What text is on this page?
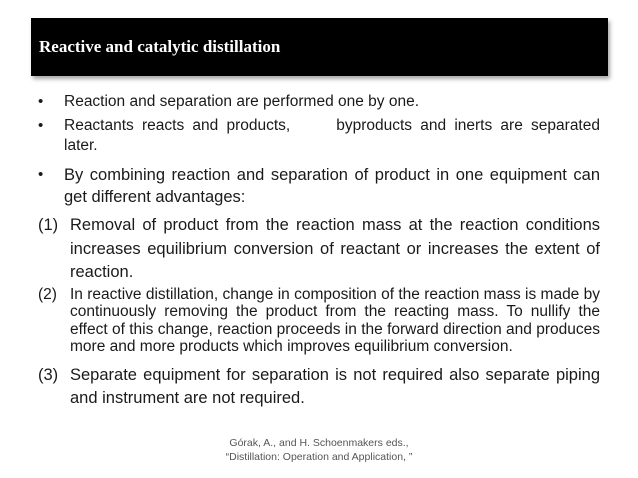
Reactive and catalytic distillation
•	Reaction and separation are performed one by one.
•	Reactants reacts and products,	byproducts and inerts are separated later.
•	By combining reaction and separation of product in one equipment can get different advantages:
(1) Removal of product from the reaction mass at the reaction conditions increases equilibrium conversion of reactant or increases the extent of reaction.
(2) In reactive distillation, change in composition of the reaction mass is made by continuously removing the product from the reacting mass. To nullify the effect of this change, reaction proceeds in the forward direction and produces more and more products which improves equilibrium conversion.
(3) Separate equipment for separation is not required also separate piping and instrument are not required.
Górak, A., and H. Schoenmakers eds.,
“Distillation: Operation and Application, ”
